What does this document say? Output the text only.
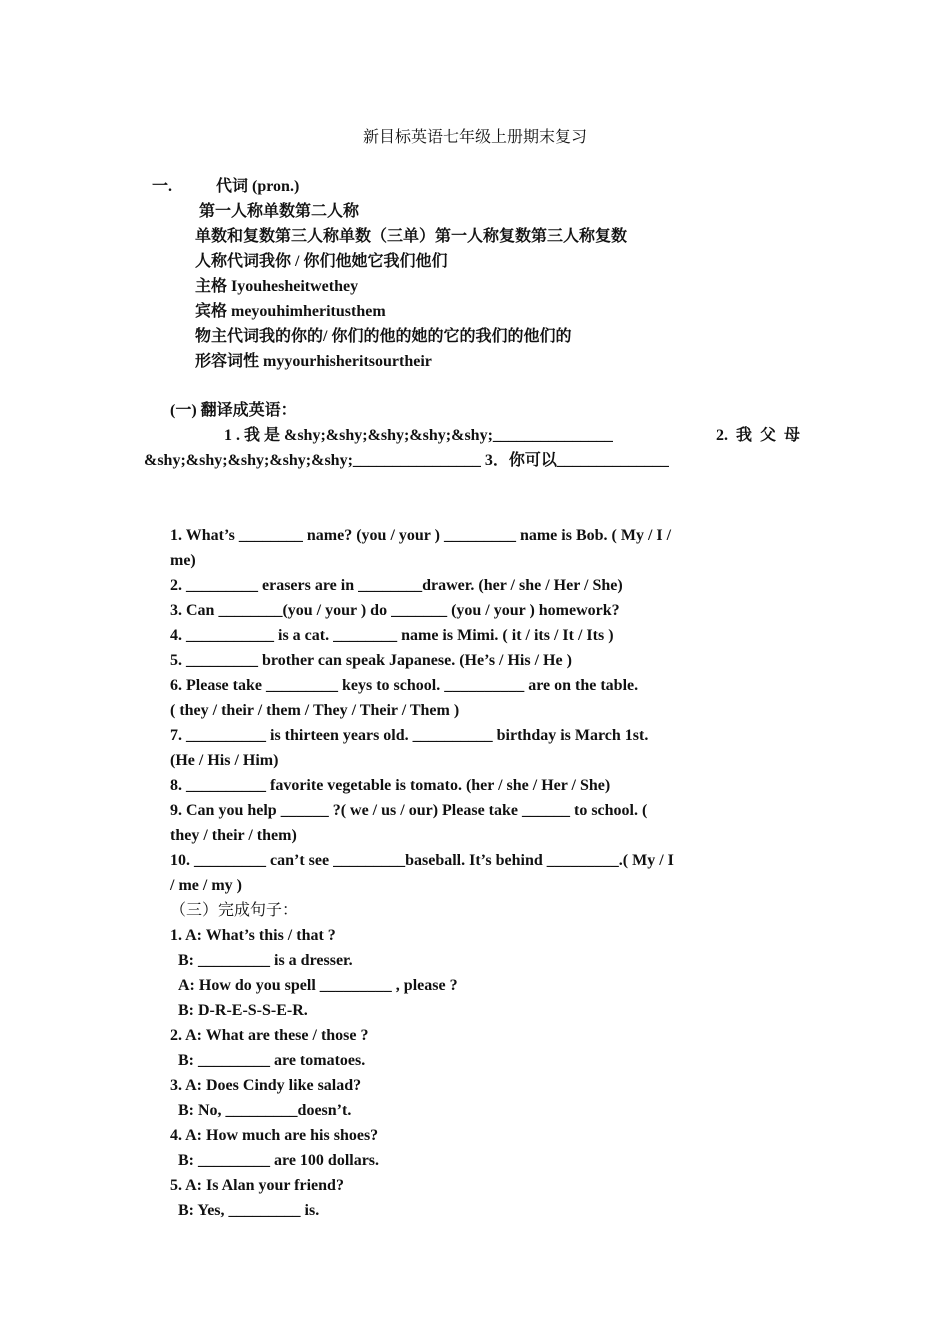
新目标英语七年级上册期末复习
一.	代词 (pron.)
第一人称单数第二人称
单数和复数第三人称单数（三单）第一人称复数第三人称复数
人称代词我你 / 你们他她它我们他们
主格 Iyouhesheitwethey
宾格 meyouhimheritusthem
物主代词我的你的/ 你们的他的她的它的我们的他们的
形容词性 myyourhisheritsourtheir
(一) 翻译成英语：
1 . 我 是 &shy;&shy;&shy;&shy;&shy;_______________	2. 我 父 母
&shy;&shy;&shy;&shy;&shy;________________ 3．你可以______________
1. What’s ________ name? (you / your ) _________ name is Bob. ( My / I /
me)
2. _________ erasers are in ________drawer. (her / she / Her / She)
3. Can ________(you / your ) do _______ (you / your ) homework?
4. ___________ is a cat. ________ name is Mimi. ( it / its / It / Its )
5. _________ brother can speak Japanese. (He’s / His / He )
6. Please take _________ keys to school. __________ are on the table.
( they / their / them / They / Their / Them )
7. __________ is thirteen years old. __________ birthday is March 1st.
(He / His / Him)
8. __________ favorite vegetable is tomato. (her / she / Her / She)
9. Can you help ______ ?( we / us / our) Please take ______ to school. (
they / their / them)
10. _________ can’t see _________baseball. It’s behind _________.( My / I
/ me / my )
（三）完成句子：
1. A: What’s this / that ?
B: _________ is a dresser.
A: How do you spell _________ , please ?
B: D-R-E-S-S-E-R.
2. A: What are these / those ?
B: _________ are tomatoes.
3. A: Does Cindy like salad?
B: No, _________doesn’t.
4. A: How much are his shoes?
B: _________ are 100 dollars.
5. A: Is Alan your friend?
B: Yes, _________ is.
